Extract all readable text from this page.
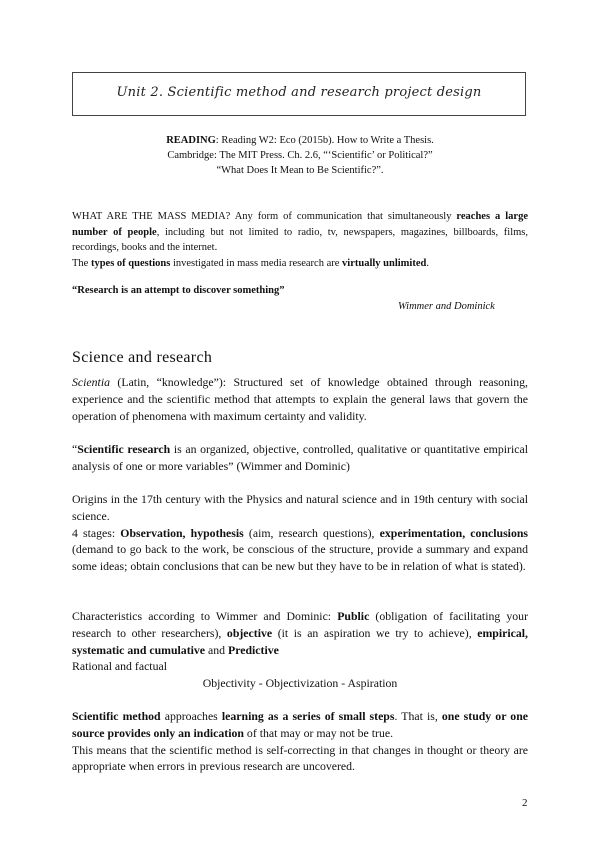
Unit 2. Scientific method and research project design
READING: Reading W2: Eco (2015b). How to Write a Thesis.
Cambridge: The MIT Press. Ch. 2.6, “‘Scientific’ or Political?”
“What Does It Mean to Be Scientific?”.

WHAT ARE THE MASS MEDIA? Any form of communication that simultaneously reaches a large number of people, including but not limited to radio, tv, newspapers, magazines, billboards, films, recordings, books and the internet.

The types of questions investigated in mass media research are virtually unlimited.

“Research is an attempt to discover something”
Wimmer and Dominick
Science and research

Scientia (Latin, “knowledge”): Structured set of knowledge obtained through reasoning, experience and the scientific method that attempts to explain the general laws that govern the operation of phenomena with maximum certainty and validity.

“Scientific research is an organized, objective, controlled, qualitative or quantitative empirical analysis of one or more variables” (Wimmer and Dominic)

Origins in the 17th century with the Physics and natural science and in 19th century with social science.

4 stages: Observation, hypothesis (aim, research questions), experimentation, conclusions (demand to go back to the work, be conscious of the structure, provide a summary and expand some ideas; obtain conclusions that can be new but they have to be in relation of what is stated).

Characteristics according to Wimmer and Dominic: Public (obligation of facilitating your research to other researchers), objective (it is an aspiration we try to achieve), empirical, systematic and cumulative and Predictive

Rational and factual

Objectivity - Objectivization - Aspiration

Scientific method approaches learning as a series of small steps. That is, one study or one source provides only an indication of that may or may not be true.

This means that the scientific method is self-correcting in that changes in thought or theory are appropriate when errors in previous research are uncovered.

2
